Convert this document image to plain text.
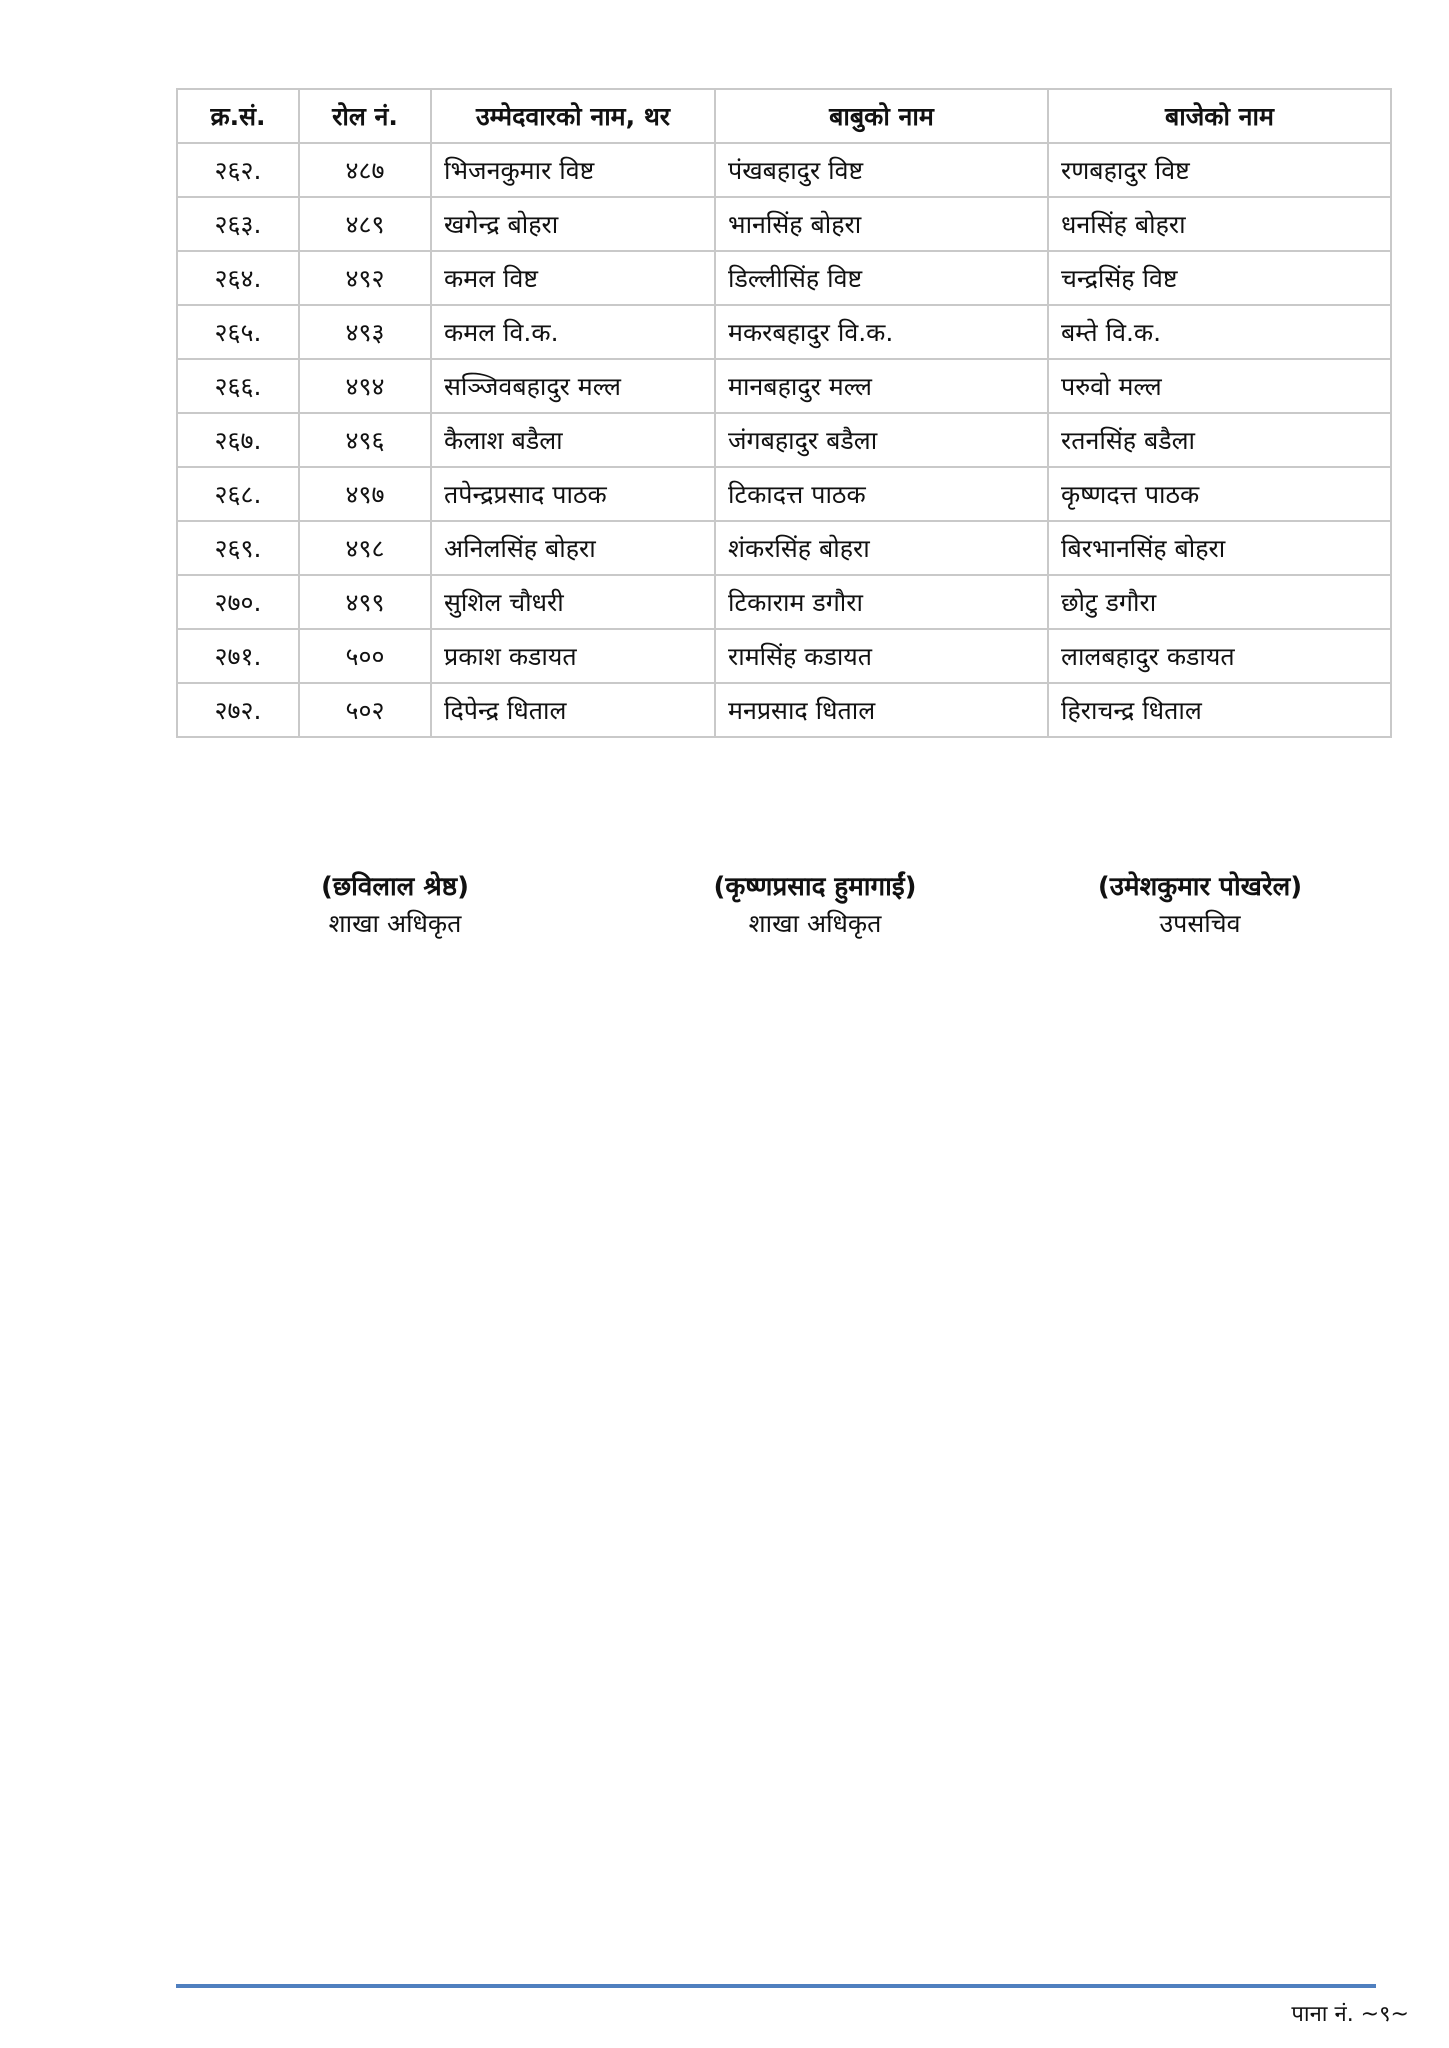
क्र.सं.	रोल नं.	उम्मेदवारको नाम, थर	बाबुको नाम	बाजेको नाम
२६२.	४८७	भिजनकुमार विष्ट	पंखबहादुर विष्ट	रणबहादुर विष्ट
२६३.	४८९	खगेन्द्र बोहरा	भानसिंह बोहरा	धनसिंह बोहरा
२६४.	४९२	कमल विष्ट	डिल्लीसिंह विष्ट	चन्द्रसिंह विष्ट
२६५.	४९३	कमल वि.क.	मकरबहादुर वि.क.	बम्ते वि.क.
२६६.	४९४	सञ्जिवबहादुर मल्ल	मानबहादुर मल्ल	परुवो मल्ल
२६७.	४९६	कैलाश बडैला	जंगबहादुर बडैला	रतनसिंह बडैला
२६८.	४९७	तपेन्द्रप्रसाद पाठक	टिकादत्त पाठक	कृष्णदत्त पाठक
२६९.	४९८	अनिलसिंह बोहरा	शंकरसिंह बोहरा	बिरभानसिंह बोहरा
२७०.	४९९	सुशिल चौधरी	टिकाराम डगौरा	छोटु डगौरा
२७१.	५००	प्रकाश कडायत	रामसिंह कडायत	लालबहादुर कडायत
२७२.	५०२	दिपेन्द्र धिताल	मनप्रसाद धिताल	हिराचन्द्र धिताल
(छविलाल श्रेष्ठ)
शाखा अधिकृत
(कृष्णप्रसाद हुमागाईं)
शाखा अधिकृत
(उमेशकुमार पोखरेल)
उपसचिव
पाना नं. ~९~
